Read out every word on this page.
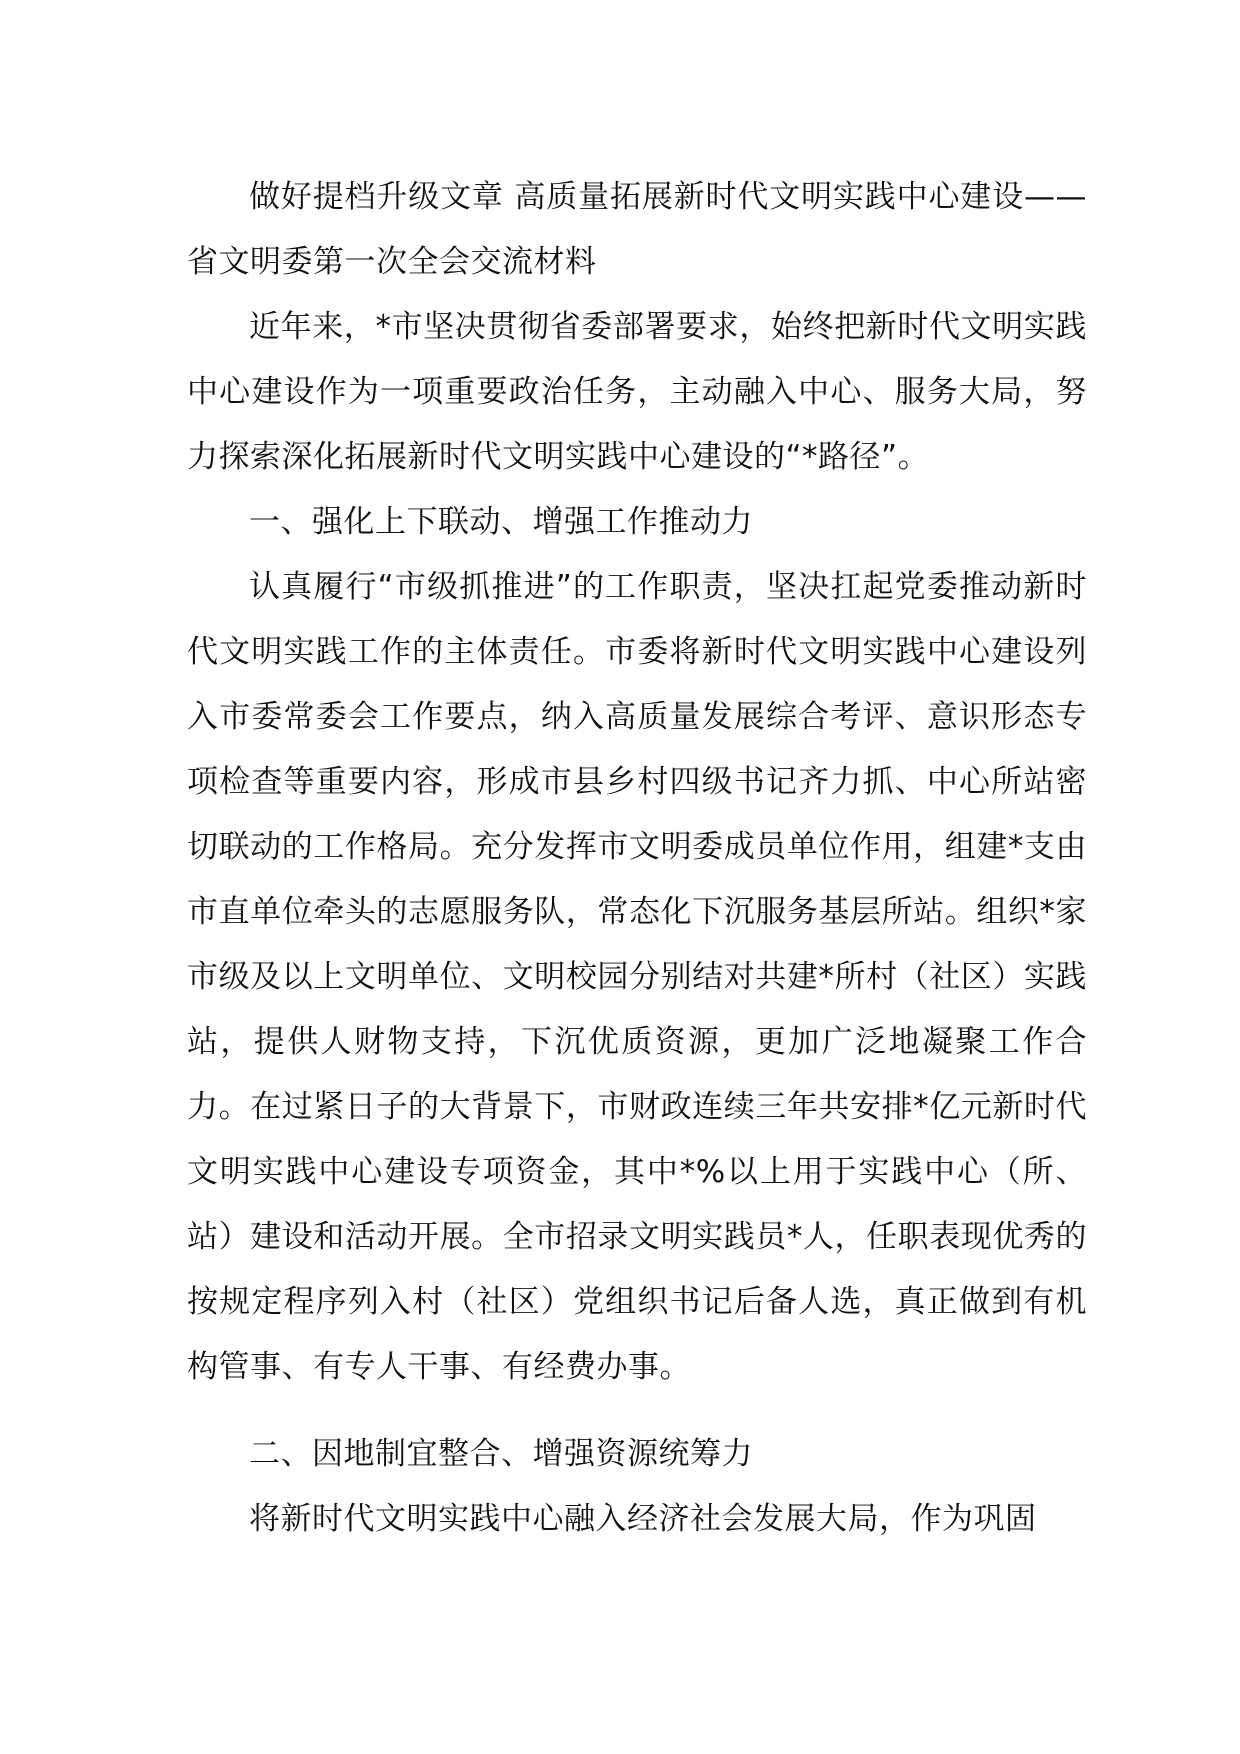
做好提档升级文章 高质量拓展新时代文明实践中心建设——省文明委第一次全会交流材料

近年来，*市坚决贯彻省委部署要求，始终把新时代文明实践中心建设作为一项重要政治任务，主动融入中心、服务大局，努力探索深化拓展新时代文明实践中心建设的“*路径”。

一、强化上下联动、增强工作推动力

认真履行“市级抓推进”的工作职责，坚决扛起党委推动新时代文明实践工作的主体责任。市委将新时代文明实践中心建设列入市委常委会工作要点，纳入高质量发展综合考评、意识形态专项检查等重要内容，形成市县乡村四级书记齐力抓、中心所站密切联动的工作格局。充分发挥市文明委成员单位作用，组建*支由市直单位牵头的志愿服务队，常态化下沉服务基层所站。组织*家市级及以上文明单位、文明校园分别结对共建*所村（社区）实践站，提供人财物支持，下沉优质资源，更加广泛地凝聚工作合力。在过紧日子的大背景下，市财政连续三年共安排*亿元新时代文明实践中心建设专项资金，其中*%以上用于实践中心（所、站）建设和活动开展。全市招录文明实践员*人，任职表现优秀的按规定程序列入村（社区）党组织书记后备人选，真正做到有机构管事、有专人干事、有经费办事。

二、因地制宜整合、增强资源统筹力

将新时代文明实践中心融入经济社会发展大局，作为巩固
